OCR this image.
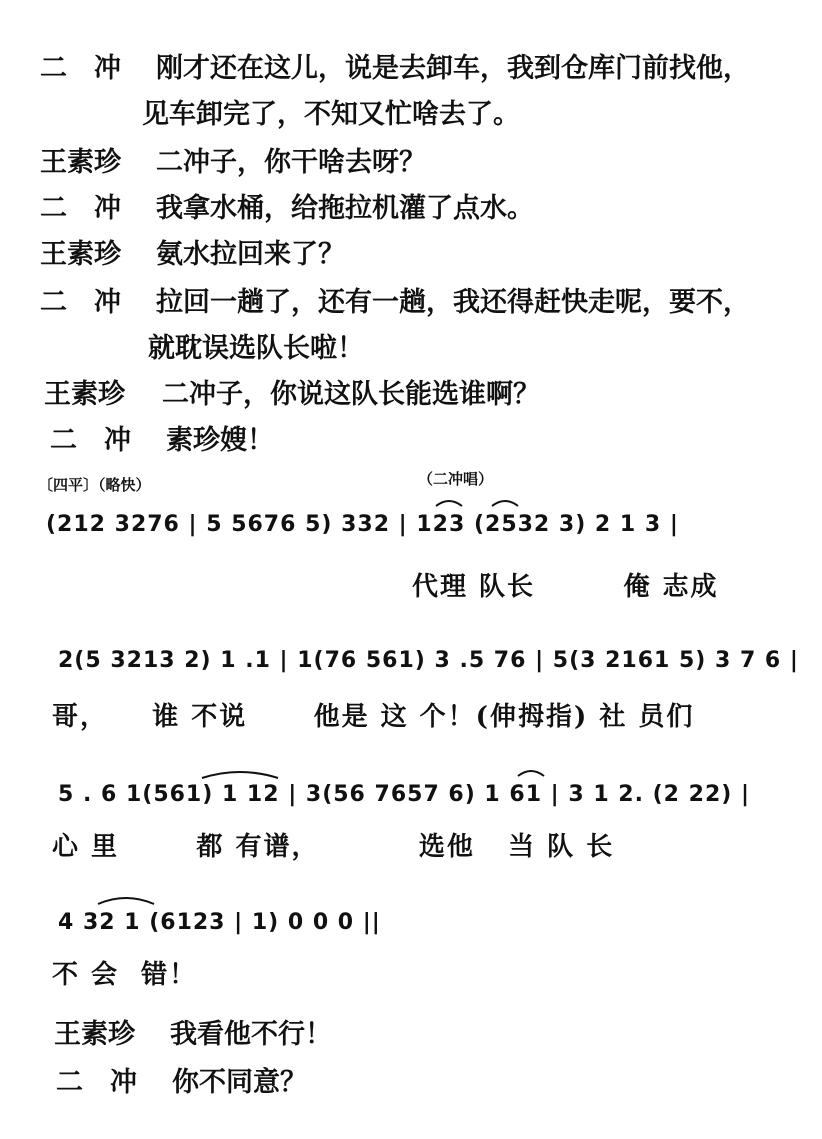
二　冲 刚才还在这儿，说是去卸车，我到仓库门前找他，
见车卸完了，不知又忙啥去了。
王素珍 二冲子，你干啥去呀？
二　冲 我拿水桶，给拖拉机灌了点水。
王素珍 氨水拉回来了？
二　冲 拉回一趟了，还有一趟，我还得赶快走呢，要不，
就耽误选队长啦！
王素珍 二冲子，你说这队长能选谁啊？
二　冲 素珍嫂！
〔四平〕（略快）	（二冲唱）
(212 3276 | 5 5676 5) 332 | 123 (2532 3) 2 1 3 |
代理 队长        俺 志成
2(5 3213 2) 1 .1 | 1(76 561) 3 .5 76 | 5(3 2161 5) 3 7 6 |
哥，    谁 不说      他是 这 个！(伸拇指) 社 员们
5 . 6 1(561) 1 12 | 3(56 7657 6) 1 61 | 3 1 2. (2 22) |
心 里       都 有谱，         选他   当 队 长
4 32 1 (6123 | 1) 0 0 0 ||
不 会  错！
王素珍 我看他不行！
二　冲 你不同意？
